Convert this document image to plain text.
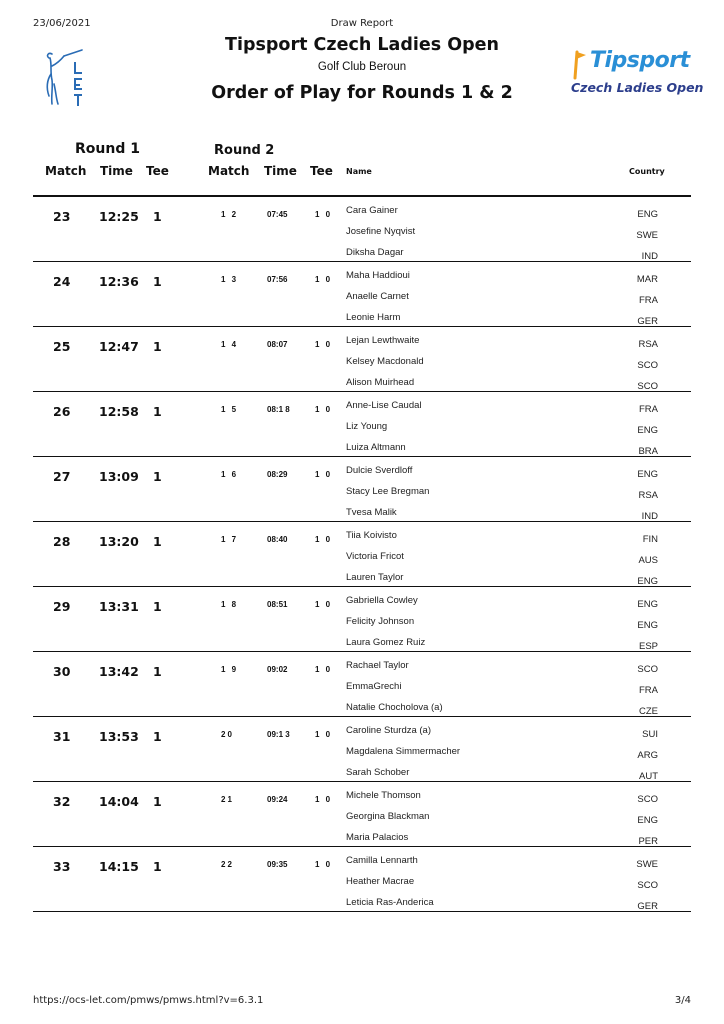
23/06/2021	Draw Report
Tipsport Czech Ladies Open
Golf Club Beroun
Order of Play for Rounds 1 & 2
Tipsport
Czech Ladies Open
Round 1	Round 2
Match Time Tee	Match Time Tee Name	Country
23 12:25 1	1 2	07:45	1 0 Cara Gainer	ENG
Josefine Nyqvist	SWE
Diksha Dagar	IND
24 12:36 1	1 3	07:56	1 0 Maha Haddioui	MAR
Anaelle Carnet	FRA
Leonie Harm	GER
25 12:47 1	1 4	08:07	1 0 Lejan Lewthwaite	RSA
Kelsey Macdonald	SCO
Alison Muirhead	SCO
26 12:58 1	1 5	08:1 8	1 0 Anne-Lise Caudal	FRA
Liz Young	ENG
Luiza Altmann	BRA
27 13:09 1	1 6	08:29	1 0 Dulcie Sverdloff	ENG
Stacy Lee Bregman	RSA
Tvesa Malik	IND
28 13:20 1	1 7	08:40	1 0 Tiia Koivisto	FIN
Victoria Fricot	AUS
Lauren Taylor	ENG
29 13:31 1	1 8	08:51	1 0 Gabriella Cowley	ENG
Felicity Johnson	ENG
Laura Gomez Ruiz	ESP
30 13:42 1	1 9	09:02	1 0 Rachael Taylor	SCO
EmmaGrechi	FRA
Natalie Chocholova (a)	CZE
31 13:53 1	20	09:1 3	1 0 Caroline Sturdza (a)	SUI
Magdalena Simmermacher	ARG
Sarah Schober	AUT
32 14:04 1	21	09:24	1 0 Michele Thomson	SCO
Georgina Blackman	ENG
Maria Palacios	PER
33 14:15 1	22	09:35	1 0 Camilla Lennarth	SWE
Heather Macrae	SCO
Leticia Ras-Anderica	GER
https://ocs-let.com/pmws/pmws.html?v=6.3.1	3/4
